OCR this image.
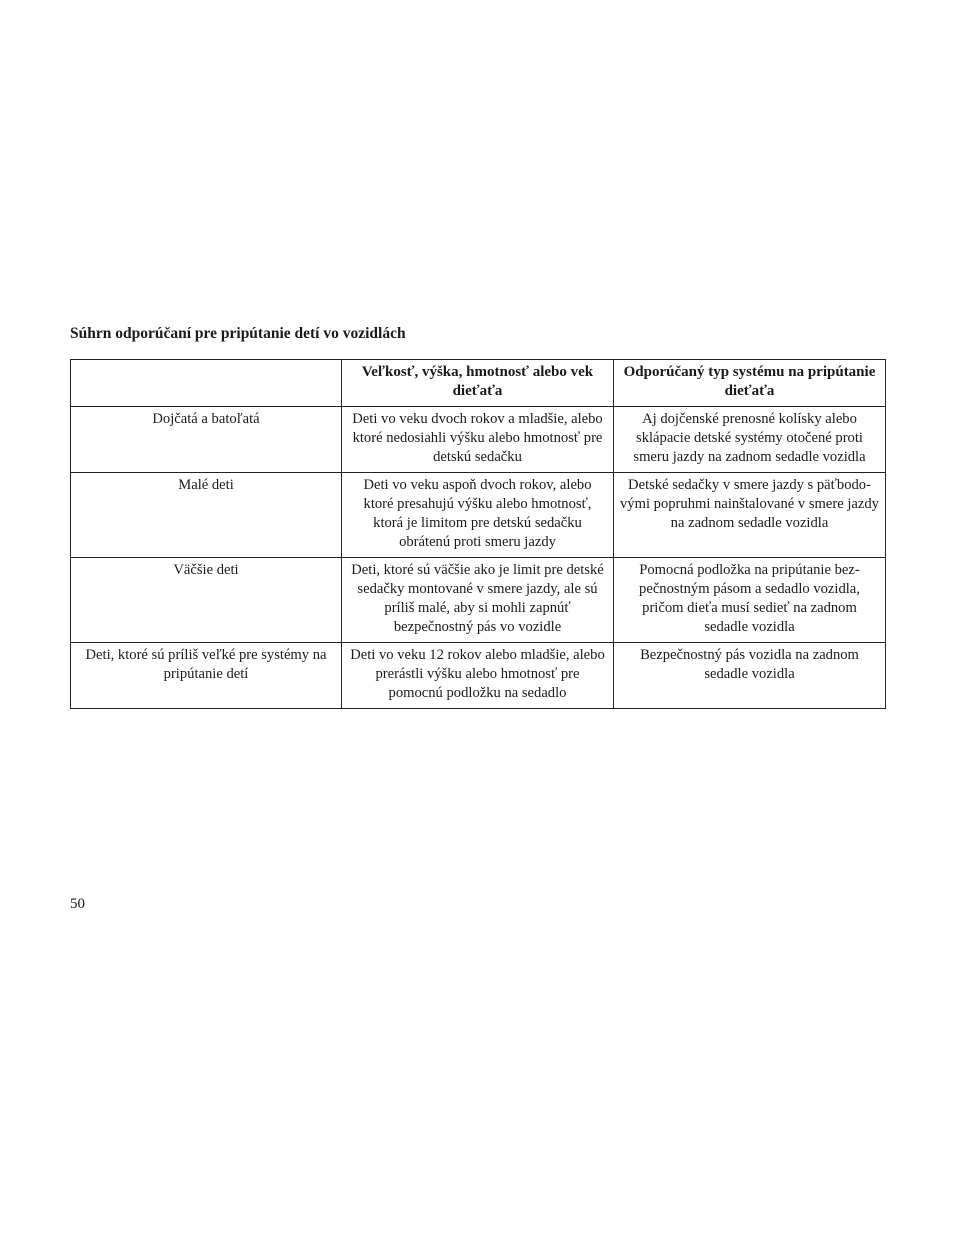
Súhrn odporúčaní pre pripútanie detí vo vozidlách
	Veľkosť, výška, hmotnosť alebo vek dieťaťa	Odporúčaný typ systému na pripútanie dieťaťa
Dojčatá a batoľatá	Deti vo veku dvoch rokov a mladšie, alebo ktoré nedosiahli výšku alebo hmotnosť pre detskú sedačku	Aj dojčenské prenosné kolísky alebo sklápacie detské systémy otočené proti smeru jazdy na zadnom sedadle vozidla
Malé deti	Deti vo veku aspoň dvoch rokov, alebo ktoré presahujú výšku alebo hmotnosť, ktorá je limitom pre detskú sedačku obrátenú proti smeru jazdy	Detské sedačky v smere jazdy s päťbodo-vými popruhmi nainštalované v smere jazdy na zadnom sedadle vozidla
Väčšie deti	Deti, ktoré sú väčšie ako je limit pre detské sedačky montované v smere jazdy, ale sú príliš malé, aby si mohli zapnúť bezpečnostný pás vo vozidle	Pomocná podložka na pripútanie bez-pečnostným pásom a sedadlo vozidla, pričom dieťa musí sedieť na zadnom sedadle vozidla
Deti, ktoré sú príliš veľké pre systémy na pripútanie detí	Deti vo veku 12 rokov alebo mladšie, alebo prerástli výšku alebo hmotnosť pre pomocnú podložku na sedadlo	Bezpečnostný pás vozidla na zadnom sedadle vozidla

50
